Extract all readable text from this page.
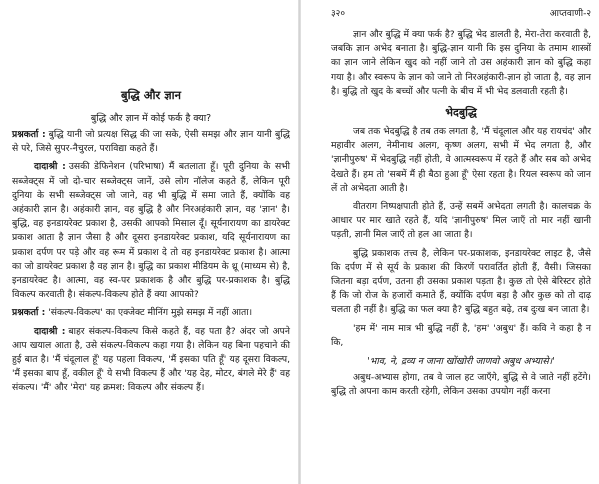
बुद्धि और ज्ञान
बुद्धि और ज्ञान में कोई फर्क है क्या?

प्रश्नकर्ता : बुद्धि यानी जो प्रत्यक्ष सिद्ध की जा सके, ऐसी समझ और ज्ञान यानी बुद्धि से परे, जिसे सुपर-नैचुरल, पराविद्या कहते हैं।

दादाश्री : उसकी डेफिनेशन (परिभाषा) मैं बतलाता हूँ। पूरी दुनिया के सभी सब्जेक्ट्स में जो दो-चार सब्जेक्ट्स जानें, उसे लोग नॉलेज कहते हैं, लेकिन पूरी दुनिया के सभी सब्जेक्ट्स जो जाने, वह भी बुद्धि में समा जाते हैं, क्योंकि वह अहंकारी ज्ञान है। अहंकारी ज्ञान, वह बुद्धि है और निरअहंकारी ज्ञान, वह 'ज्ञान' है। बुद्धि, वह इनडायरेक्ट प्रकाश है, उसकी आपको मिसाल दूँ। सूर्यनारायण का डायरेक्ट प्रकाश आता है ज्ञान जैसा है और दूसरा इनडायरेक्ट प्रकाश, यदि सूर्यनारायण का प्रकाश दर्पण पर पड़े और वह रूम में प्रकाश दे तो वह इनडायरेक्ट प्रकाश है। आत्मा का जो डायरेक्ट प्रकाश है वह ज्ञान है। बुद्धि का प्रकाश मीडियम के थ्रू (माध्यम से) है, इनडायरेक्ट है। आत्मा, वह स्व-पर प्रकाशक है और बुद्धि पर-प्रकाशक है। बुद्धि विकल्प करवाती है। संकल्प-विकल्प होते हैं क्या आपको?

प्रश्नकर्ता : 'संकल्प-विकल्प' का एक्जेक्ट मीनिंग मुझे समझ में नहीं आता।

दादाश्री : बाहर संकल्प-विकल्प किसे कहते हैं, वह पता है? अंदर जो अपने आप खयाल आता है, उसे संकल्प-विकल्प कहा गया है। लेकिन यह बिना पहचाने की हुई बात है। 'मैं चंदूलाल हूँ' यह पहला विकल्प, 'मैं इसका पति हूँ' यह दूसरा विकल्प, 'मैं इसका बाप हूँ, वकील हूँ' ये सभी विकल्प हैं और 'यह देह, मोटर, बंगले मेरे हैं' वह संकल्प। 'मैं' और 'मेरा' यह क्रमश: विकल्प और संकल्प हैं।

३२०	आप्तवाणी-२

ज्ञान और बुद्धि में क्या फर्क है? बुद्धि भेद डालती है, मेरा-तेरा करवाती है, जबकि ज्ञान अभेद बनाता है। बुद्धि-ज्ञान यानी कि इस दुनिया के तमाम शास्त्रों का ज्ञान जाने लेकिन खुद को नहीं जाने तो उस अहंकारी ज्ञान को बुद्धि कहा गया है। और स्वरूप के ज्ञान को जाने तो निरअहंकारी-ज्ञान हो जाता है, वह ज्ञान है। बुद्धि तो खुद के बच्चों और पत्नी के बीच में भी भेद डलवाती रहती है।

भेदबुद्धि

जब तक भेदबुद्धि है तब तक लगता है, 'मैं चंदूलाल और यह रायचंद' और महावीर अलग, नेमीनाथ अलग, कृष्ण अलग, सभी में भेद लगता है, और 'ज्ञानीपुरुष' में भेदबुद्धि नहीं होती, वे आत्मस्वरूप में रहते हैं और सब को अभेद देखते हैं। हम तो 'सबमें मैं ही बैठा हुआ हूँ' ऐसा रहता है। रियल स्वरूप को जान लें तो अभेदता आती है।

वीतराग निष्पक्षपाती होते हैं, उन्हें सबमें अभेदता लगती है। कालचक्र के आधार पर मार खाते रहते हैं, यदि 'ज्ञानीपुरुष' मिल जाएँ तो मार नहीं खानी पड़ती, ज्ञानी मिल जाएँ तो हल आ जाता है।

बुद्धि प्रकाशक तत्त्व है, लेकिन पर-प्रकाशक, इनडायरेक्ट लाइट है, जैसे कि दर्पण में से सूर्य के प्रकाश की किरणें परावर्तित होती हैं, वैसी। जिसका जितना बड़ा दर्पण, उतना ही उसका प्रकाश पड़ता है। कुछ तो ऐसे बेरिस्टर होते हैं कि जो रोज के हजारों कमाते हैं, क्योंकि दर्पण बड़ा है और कुछ को तो दाढ़ चलता ही नहीं है। बुद्धि का फल क्या है? बुद्धि बहुत बढ़े, तब दुःख बन जाता है।

'हम में' नाम मात्र भी बुद्धि नहीं है, 'हम' 'अबुध' हैं। कवि ने कहा है न कि,

'भाव, ने, द्रव्य न जाना खोंखोरी जाणवो अबुध अभ्यासे।'

अबुध-अभ्यास होगा, तब वे जाल हट जाएँगे, बुद्धि से वे जाते नहीं हटेंगे। बुद्धि तो अपना काम करती रहेगी, लेकिन उसका उपयोग नहीं करना
